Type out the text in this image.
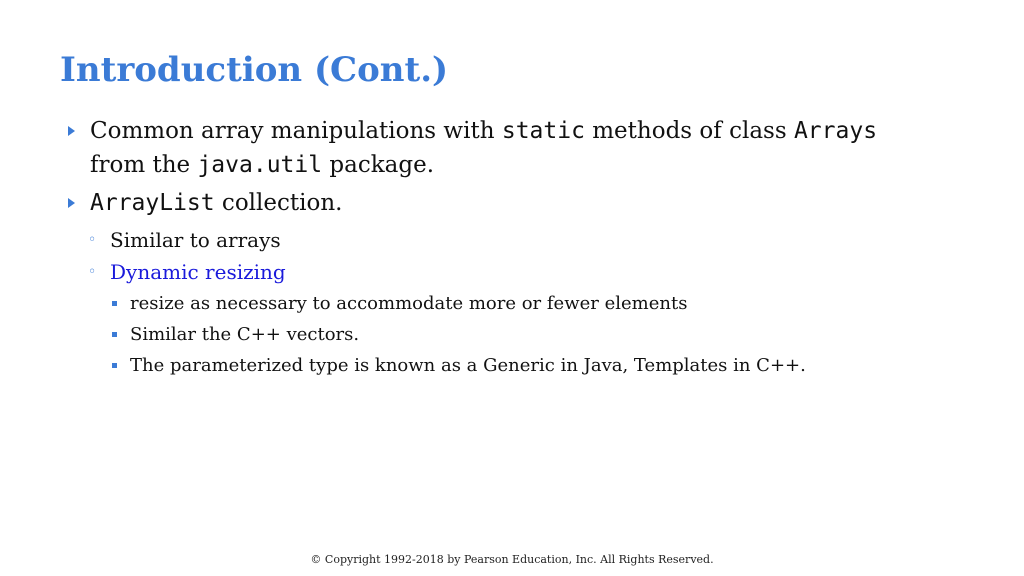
Introduction (Cont.)
Common array manipulations with static methods of class Arrays
from the java.util package.
ArrayList collection.
◦ Similar to arrays
◦ Dynamic resizing
resize as necessary to accommodate more or fewer elements
Similar the C++ vectors.
The parameterized type is known as a Generic in Java, Templates in C++.
© Copyright 1992-2018 by Pearson Education, Inc. All Rights Reserved.
